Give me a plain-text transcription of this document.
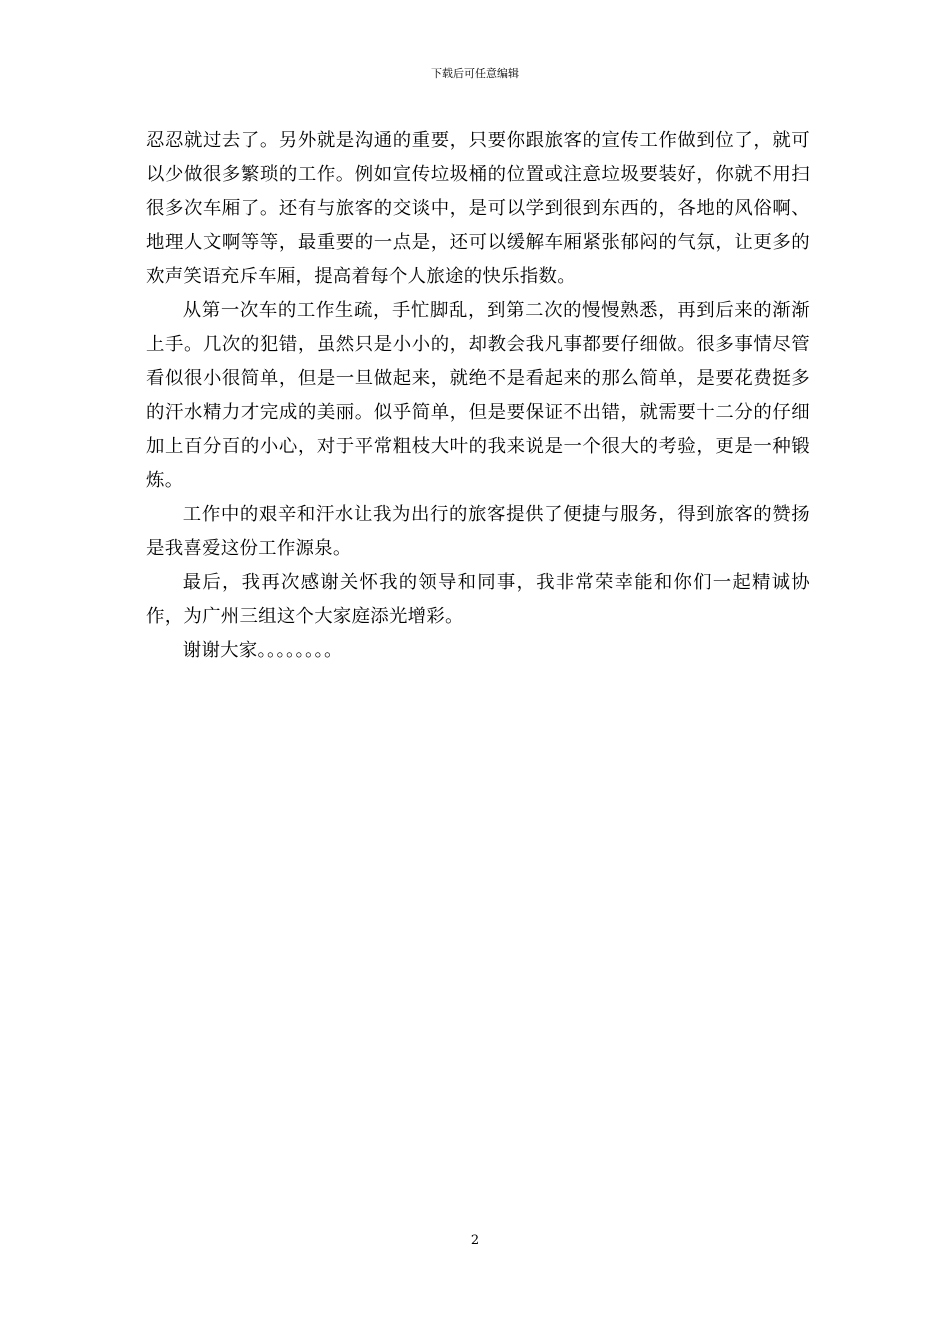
下载后可任意编辑

忍忍就过去了。另外就是沟通的重要，只要你跟旅客的宣传工作做到位了，就可以少做很多繁琐的工作。例如宣传垃圾桶的位置或注意垃圾要装好，你就不用扫很多次车厢了。还有与旅客的交谈中，是可以学到很到东西的，各地的风俗啊、地理人文啊等等，最重要的一点是，还可以缓解车厢紧张郁闷的气氛，让更多的欢声笑语充斥车厢，提高着每个人旅途的快乐指数。

从第一次车的工作生疏，手忙脚乱，到第二次的慢慢熟悉，再到后来的渐渐上手。几次的犯错，虽然只是小小的，却教会我凡事都要仔细做。很多事情尽管看似很小很简单，但是一旦做起来，就绝不是看起来的那么简单，是要花费挺多的汗水精力才完成的美丽。似乎简单，但是要保证不出错，就需要十二分的仔细加上百分百的小心，对于平常粗枝大叶的我来说是一个很大的考验，更是一种锻炼。

工作中的艰辛和汗水让我为出行的旅客提供了便捷与服务，得到旅客的赞扬是我喜爱这份工作源泉。

最后，我再次感谢关怀我的领导和同事，我非常荣幸能和你们一起精诚协作，为广州三组这个大家庭添光增彩。

谢谢大家。。。。。。。。

2
